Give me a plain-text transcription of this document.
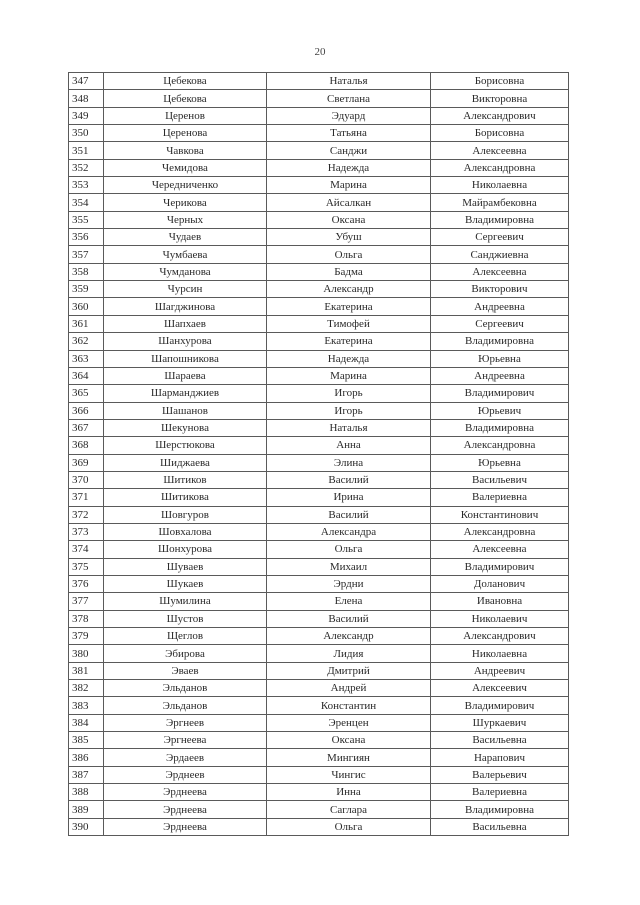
20
347	Цебекова	Наталья	Борисовна
348	Цебекова	Светлана	Викторовна
349	Церенов	Эдуард	Александрович
350	Церенова	Татьяна	Борисовна
351	Чавкова	Санджи	Алексеевна
352	Чемидова	Надежда	Александровна
353	Чередниченко	Марина	Николаевна
354	Черикова	Айсалкан	Майрамбековна
355	Черных	Оксана	Владимировна
356	Чудаев	Убуш	Сергеевич
357	Чумбаева	Ольга	Санджиевна
358	Чумданова	Бадма	Алексеевна
359	Чурсин	Александр	Викторович
360	Шагджинова	Екатерина	Андреевна
361	Шапхаев	Тимофей	Сергеевич
362	Шанхурова	Екатерина	Владимировна
363	Шапошникова	Надежда	Юрьевна
364	Шараева	Марина	Андреевна
365	Шарманджиев	Игорь	Владимирович
366	Шашанов	Игорь	Юрьевич
367	Шекунова	Наталья	Владимировна
368	Шерстюкова	Анна	Александровна
369	Шиджаева	Элина	Юрьевна
370	Шитиков	Василий	Васильевич
371	Шитикова	Ирина	Валериевна
372	Шовгуров	Василий	Константинович
373	Шовхалова	Александра	Александровна
374	Шонхурова	Ольга	Алексеевна
375	Шуваев	Михаил	Владимирович
376	Шукаев	Эрдни	Доланович
377	Шумилина	Елена	Ивановна
378	Шустов	Василий	Николаевич
379	Щеглов	Александр	Александрович
380	Эбирова	Лидия	Николаевна
381	Эваев	Дмитрий	Андреевич
382	Эльданов	Андрей	Алексеевич
383	Эльданов	Константин	Владимирович
384	Эргнеев	Эренцен	Шуркаевич
385	Эргнеева	Оксана	Васильевна
386	Эрдаеев	Мингиян	Нарапович
387	Эрднеев	Чингис	Валерьевич
388	Эрднеева	Инна	Валериевна
389	Эрднеева	Саглара	Владимировна
390	Эрднеева	Ольга	Васильевна
